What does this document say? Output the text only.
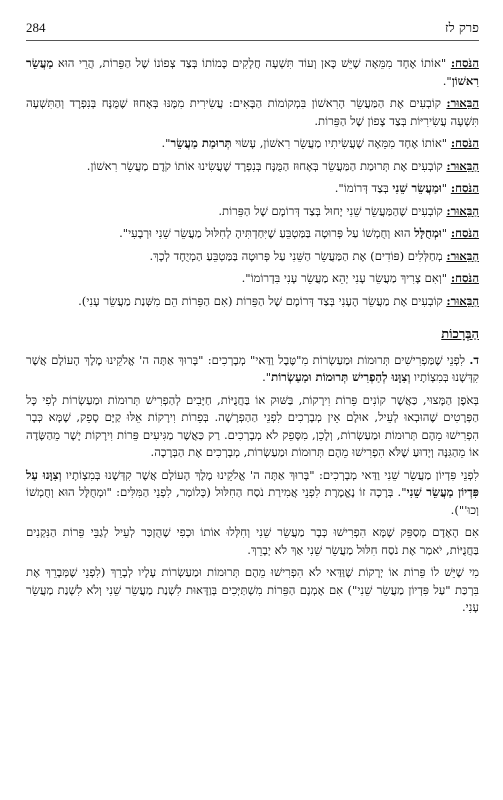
284	פרק לז

הַנֹּסַח: "אוֹתוֹ אֶחָד מִמֵּאָה שֶׁיֵּשׁ כָּאן וְעוֹד תִּשְׁעָה חֲלָקִים כָּמוֹתוֹ בְּצַד צְפוֹנוֹ שֶׁל הַפֵּרוֹת, הֲרֵי הוּא מַעֲשֵׂר רִאשׁוֹן".

הַבֵּאוּר: קוֹבְעִים אֶת הַמַּעֲשֵׂר הָרִאשׁוֹן בִּמְקוֹמוֹת הַבָּאִים: עֲשִׂירִית מִמֶּנּוּ בְּאָחוּז שֶׁמֻּנָּח בְּנִפְרָד וְהַתִּשְׁעָה תִּשְׁעָה עֲשִׂירִיּוֹת בְּצַד צָפוֹן שֶׁל הַפֵּרוֹת.

הַנֹּסַח: "אוֹתוֹ אֶחָד מִמֵּאָה שֶׁעֲשִׂיתִיו מַעֲשֵׂר רִאשׁוֹן, עָשׂוּי תְּרוּמַת מַעֲשֵׂר".

הַבֵּאוּר: קוֹבְעִים אֶת תְּרוּמַת הַמַּעֲשֵׂר בְּאָחוּז הַמֻּנָּח בְּנִפְרָד שֶׁעֲשִׂינוּ אוֹתוֹ קֹדֶם מַעֲשֵׂר רִאשׁוֹן.

הַנֹּסַח: "וּמַעֲשֵׂר שֵׁנִי בְּצַד דְּרוֹמוֹ".

הַבֵּאוּר: קוֹבְעִים שֶׁהַמַּעֲשֵׂר שֵׁנִי יָחוּל בְּצַד דְּרוֹמָם שֶׁל הַפֵּרוֹת.

הַנֹּסַח: "וּמְחֻלָּל הוּא וְחֻמְשׁוֹ עַל פְּרוּטָה בַּמַּטְבֵּעַ שֶׁיִּחַדְתִּיהָ לְחִלּוּל מַעֲשֵׂר שֵׁנִי וּרְבָעִי".

הַבֵּאוּר: מְחַלְּלִים (פּוֹדִים) אֶת הַמַּעֲשֵׂר הַשֵּׁנִי עַל פְּרוּטָה בַּמַּטְבֵּעַ הַמְיֻחָד לְכָךְ.

הַנֹּסַח: "וְאִם צָרִיךְ מַעֲשֵׂר עָנִי יְהֵא מַעֲשֵׂר עָנִי בִּדְרוֹמוֹ".

הַבֵּאוּר: קוֹבְעִים אֶת מַעֲשֵׂר הֶעָנִי בְּצַד דְּרוֹמָם שֶׁל הַפֵּרוֹת (אִם הַפֵּרוֹת הֵם מִשְּׁנַת מַעֲשֵׂר עָנִי).

הַבְּרָכוֹת

ד. לִפְנֵי שֶׁמַּפְרִישִׁים תְּרוּמוֹת וּמַעַשְׂרוֹת מִ"טֶּבֶל וַדַּאי" מְבָרְכִים: "בָּרוּךְ אַתָּה ה' אֱלֹקֵינוּ מֶלֶךְ הָעוֹלָם אֲשֶׁר קִדְּשָׁנוּ בְּמִצְוֹתָיו וְצִוָּנוּ לְהַפְרִישׁ תְּרוּמוֹת וּמַעַשְׂרוֹת".

בְּאֹפֶן הַמָּצוּי, כַּאֲשֶׁר קוֹנִים פֵּרוֹת וִירָקוֹת, בַּשּׁוּק אוֹ בַּחֲנֻיּוֹת, חַיָּבִים לְהַפְרִישׁ תְּרוּמוֹת וּמַעַשְׂרוֹת לְפִי כָּל הַפְּרָטִים שֶׁהוּבְאוּ לְעֵיל, אוּלָם אֵין מְבָרְכִים לִפְנֵי הַהַפְרָשָׁה. בְּפֵרוֹת וִירָקוֹת אֵלּוּ קַיָּם סָפֵק, שֶׁמָּא כְּבָר הִפְרִישׁוּ מֵהֶם תְּרוּמוֹת וּמַעַשְׂרוֹת, וְלָכֵן, מִסָּפֵק לֹא מְבָרְכִים. רַק כַּאֲשֶׁר מַגִּיעִים פֵּרוֹת וִירָקוֹת יָשָׁר מֵהַשָּׂדֶה אוֹ מֵהַגִּנָּה וְיָדוּעַ שֶׁלֹּא הִפְרִישׁוּ מֵהֶם תְּרוּמוֹת וּמַעַשְׂרוֹת, מְבָרְכִים אֶת הַבְּרָכָה.

לִפְנֵי פִּדְיוֹן מַעֲשֵׂר שֵׁנִי וַדַּאי מְבָרְכִים: "בָּרוּךְ אַתָּה ה' אֱלֹקֵינוּ מֶלֶךְ הָעוֹלָם אֲשֶׁר קִדְּשָׁנוּ בְּמִצְוֹתָיו וְצִוָּנוּ עַל פִּדְיוֹן מַעֲשֵׂר שֵׁנִי". בְּרָכָה זוֹ נֶאֱמֶרֶת לִפְנֵי אֲמִירַת נֹסַח הַחִלּוּל (כְּלוֹמַר, לִפְנֵי הַמִּלִּים: "וּמְחֻלָּל הוּא וְחֻמְשׁוֹ וְכוּ'").

אִם הָאָדָם מְסַפֵּק שֶׁמָּא הִפְרִישׁוּ כְּבָר מַעֲשֵׂר שֵׁנִי וְחִלְּלוּ אוֹתוֹ וּכְפִי שֶׁהֻזְכַּר לְעֵיל לְגַבֵּי פֵּרוֹת הַנִּקְנִים בַּחֲנֻיּוֹת, יֹאמַר אֶת נֹסַח חִלּוּל מַעֲשֵׂר שֵׁנִי אַךְ לֹא יְבָרֵךְ.

מִי שֶׁיֵּשׁ לוֹ פֵּרוֹת אוֹ יְרָקוֹת שֶׁוַּדַּאי לֹא הִפְרִישׁוּ מֵהֶם תְּרוּמוֹת וּמַעַשְׂרוֹת עָלָיו לְבָרֵךְ (לִפְנֵי שֶׁמְּבָרֵךְ אֶת בִּרְכַּת "עַל פִּדְיוֹן מַעֲשֵׂר שֵׁנִי") אִם אָמְנָם הַפֵּרוֹת מִשְׁתַּיְּכִים בְּוַדָּאוּת לִשְׁנַת מַעֲשֵׂר שֵׁנִי וְלֹא לִשְׁנַת מַעֲשֵׂר עָנִי.
